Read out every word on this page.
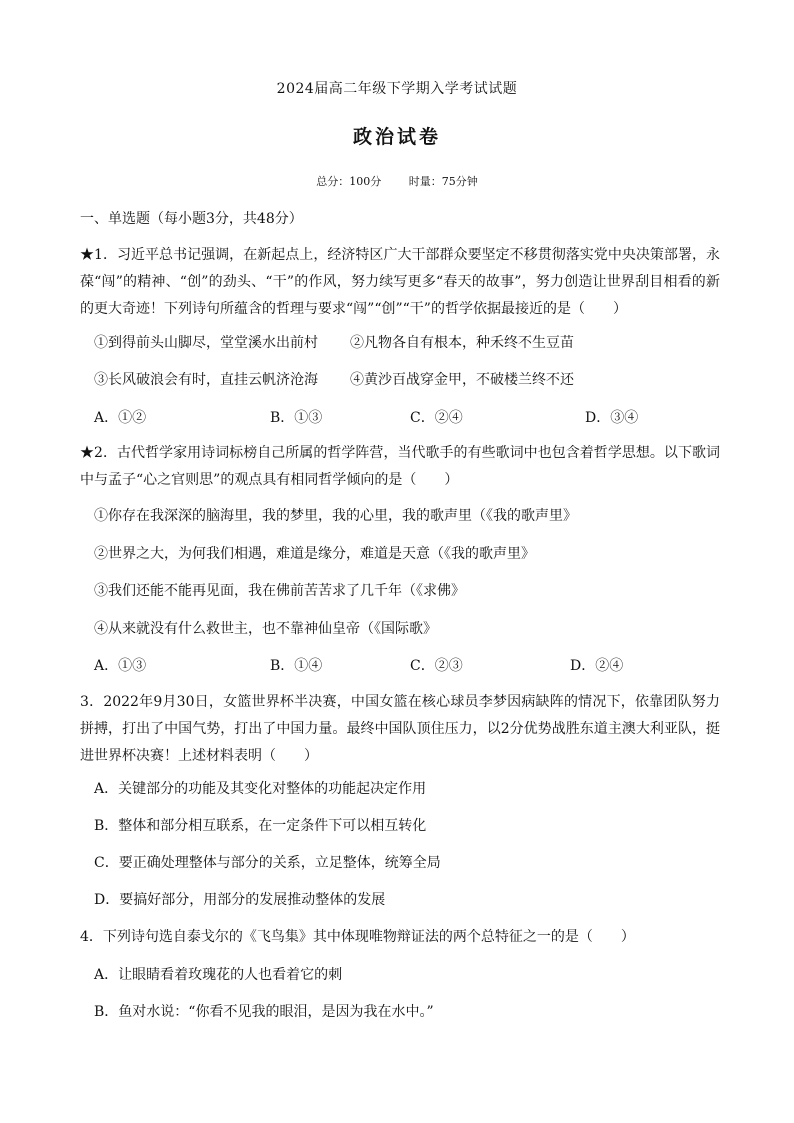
2024届高二年级下学期入学考试试题
政治试卷
总分：100分	时量：75分钟
一、单选题（每小题3分，共48分）
★1．习近平总书记强调，在新起点上，经济特区广大干部群众要坚定不移贯彻落实党中央决策部署，永葆“闯”的精神、“创”的劲头、“干”的作风，努力续写更多“春天的故事”，努力创造让世界刮目相看的新的更大奇迹！下列诗句所蕴含的哲理与要求“闯”“创”“干”的哲学依据最接近的是（　　）
①到得前头山脚尽，堂堂溪水出前村 ②凡物各自有根本，种禾终不生豆苗
③长风破浪会有时，直挂云帆济沧海 ④黄沙百战穿金甲，不破楼兰终不还
A．①②	B．①③	C．②④	D．③④
★2．古代哲学家用诗词标榜自己所属的哲学阵营，当代歌手的有些歌词中也包含着哲学思想。以下歌词中与孟子“心之官则思”的观点具有相同哲学倾向的是（　　）
①你存在我深深的脑海里，我的梦里，我的心里，我的歌声里（《我的歌声里》
②世界之大，为何我们相遇，难道是缘分，难道是天意（《我的歌声里》
③我们还能不能再见面，我在佛前苦苦求了几千年（《求佛》
④从来就没有什么救世主，也不靠神仙皇帝（《国际歌》
A．①③	B．①④	C．②③	D．②④
3．2022年9月30日，女篮世界杯半决赛，中国女篮在核心球员李梦因病缺阵的情况下，依靠团队努力拼搏，打出了中国气势，打出了中国力量。最终中国队顶住压力，以2分优势战胜东道主澳大利亚队，挺进世界杯决赛！上述材料表明（　　）
A．关键部分的功能及其变化对整体的功能起决定作用
B．整体和部分相互联系，在一定条件下可以相互转化
C．要正确处理整体与部分的关系，立足整体，统筹全局
D．要搞好部分，用部分的发展推动整体的发展
4．下列诗句选自泰戈尔的《飞鸟集》其中体现唯物辩证法的两个总特征之一的是（　　）
A．让眼睛看着玫瑰花的人也看着它的刺
B．鱼对水说：“你看不见我的眼泪，是因为我在水中。”
